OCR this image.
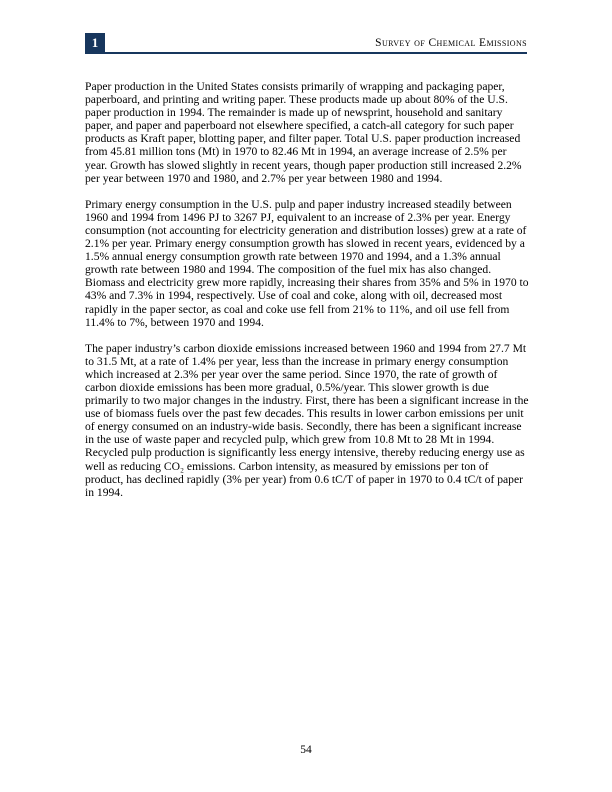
1	Survey of Chemical Emissions

Paper production in the United States consists primarily of wrapping and packaging paper, paperboard, and printing and writing paper. These products made up about 80% of the U.S. paper production in 1994. The remainder is made up of newsprint, household and sanitary paper, and paper and paperboard not elsewhere specified, a catch-all category for such paper products as Kraft paper, blotting paper, and filter paper. Total U.S. paper production increased from 45.81 million tons (Mt) in 1970 to 82.46 Mt in 1994, an average increase of 2.5% per year. Growth has slowed slightly in recent years, though paper production still increased 2.2% per year between 1970 and 1980, and 2.7% per year between 1980 and 1994.

Primary energy consumption in the U.S. pulp and paper industry increased steadily between 1960 and 1994 from 1496 PJ to 3267 PJ, equivalent to an increase of 2.3% per year. Energy consumption (not accounting for electricity generation and distribution losses) grew at a rate of 2.1% per year. Primary energy consumption growth has slowed in recent years, evidenced by a 1.5% annual energy consumption growth rate between 1970 and 1994, and a 1.3% annual growth rate between 1980 and 1994. The composition of the fuel mix has also changed. Biomass and electricity grew more rapidly, increasing their shares from 35% and 5% in 1970 to 43% and 7.3% in 1994, respectively. Use of coal and coke, along with oil, decreased most rapidly in the paper sector, as coal and coke use fell from 21% to 11%, and oil use fell from 11.4% to 7%, between 1970 and 1994.

The paper industry’s carbon dioxide emissions increased between 1960 and 1994 from 27.7 Mt to 31.5 Mt, at a rate of 1.4% per year, less than the increase in primary energy consumption which increased at 2.3% per year over the same period. Since 1970, the rate of growth of carbon dioxide emissions has been more gradual, 0.5%/year. This slower growth is due primarily to two major changes in the industry. First, there has been a significant increase in the use of biomass fuels over the past few decades. This results in lower carbon emissions per unit of energy consumed on an industry-wide basis. Secondly, there has been a significant increase in the use of waste paper and recycled pulp, which grew from 10.8 Mt to 28 Mt in 1994. Recycled pulp production is significantly less energy intensive, thereby reducing energy use as well as reducing CO₂ emissions. Carbon intensity, as measured by emissions per ton of product, has declined rapidly (3% per year) from 0.6 tC/T of paper in 1970 to 0.4 tC/t of paper in 1994.

54
